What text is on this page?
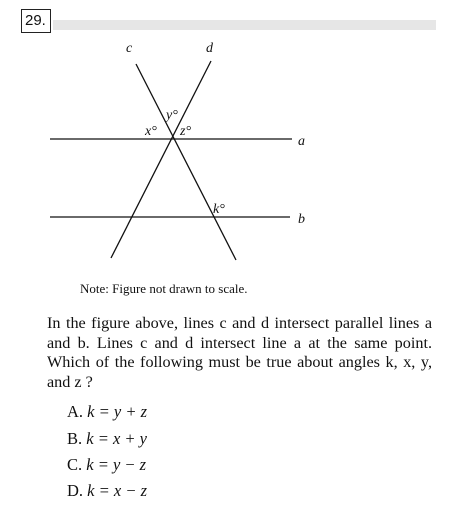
29.
c	d
a
b
x°
y°
z°
k°
Note: Figure not drawn to scale.
In the figure above, lines c and d intersect parallel lines a and b. Lines c and d intersect line a at the same point. Which of the following must be true about angles k, x, y, and z ?
A. k = y + z
B. k = x + y
C. k = y − z
D. k = x − z
